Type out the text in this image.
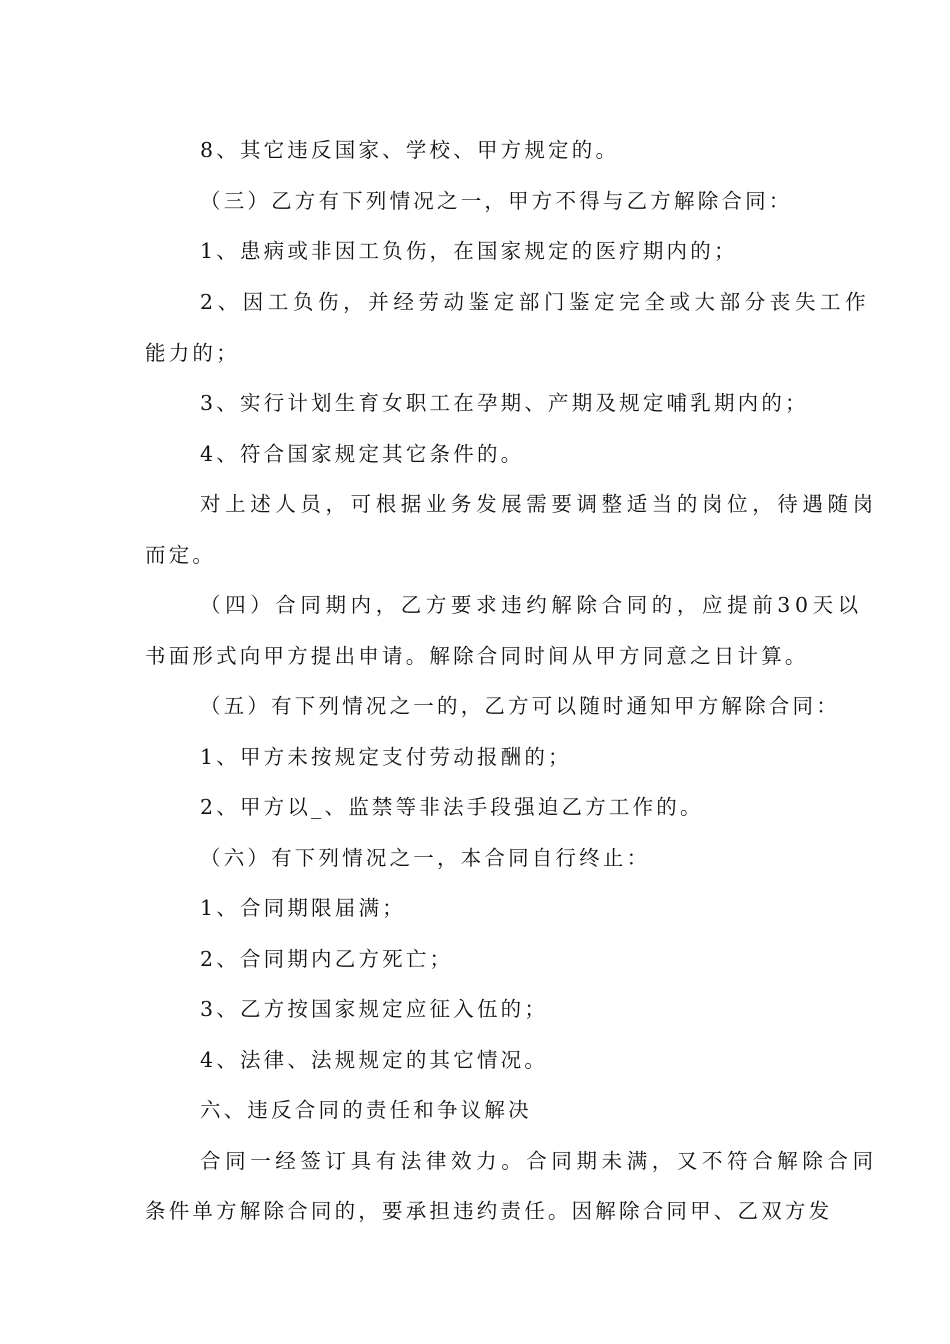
8、其它违反国家、学校、甲方规定的。
（三）乙方有下列情况之一，甲方不得与乙方解除合同：
1、患病或非因工负伤，在国家规定的医疗期内的；
2、因工负伤，并经劳动鉴定部门鉴定完全或大部分丧失工作
能力的；
3、实行计划生育女职工在孕期、产期及规定哺乳期内的；
4、符合国家规定其它条件的。
对上述人员，可根据业务发展需要调整适当的岗位，待遇随岗
而定。
（四）合同期内，乙方要求违约解除合同的，应提前30天以
书面形式向甲方提出申请。解除合同时间从甲方同意之日计算。
（五）有下列情况之一的，乙方可以随时通知甲方解除合同：
1、甲方未按规定支付劳动报酬的；
2、甲方以_、监禁等非法手段强迫乙方工作的。
（六）有下列情况之一，本合同自行终止：
1、合同期限届满；
2、合同期内乙方死亡；
3、乙方按国家规定应征入伍的；
4、法律、法规规定的其它情况。
六、违反合同的责任和争议解决
合同一经签订具有法律效力。合同期未满，又不符合解除合同
条件单方解除合同的，要承担违约责任。因解除合同甲、乙双方发
